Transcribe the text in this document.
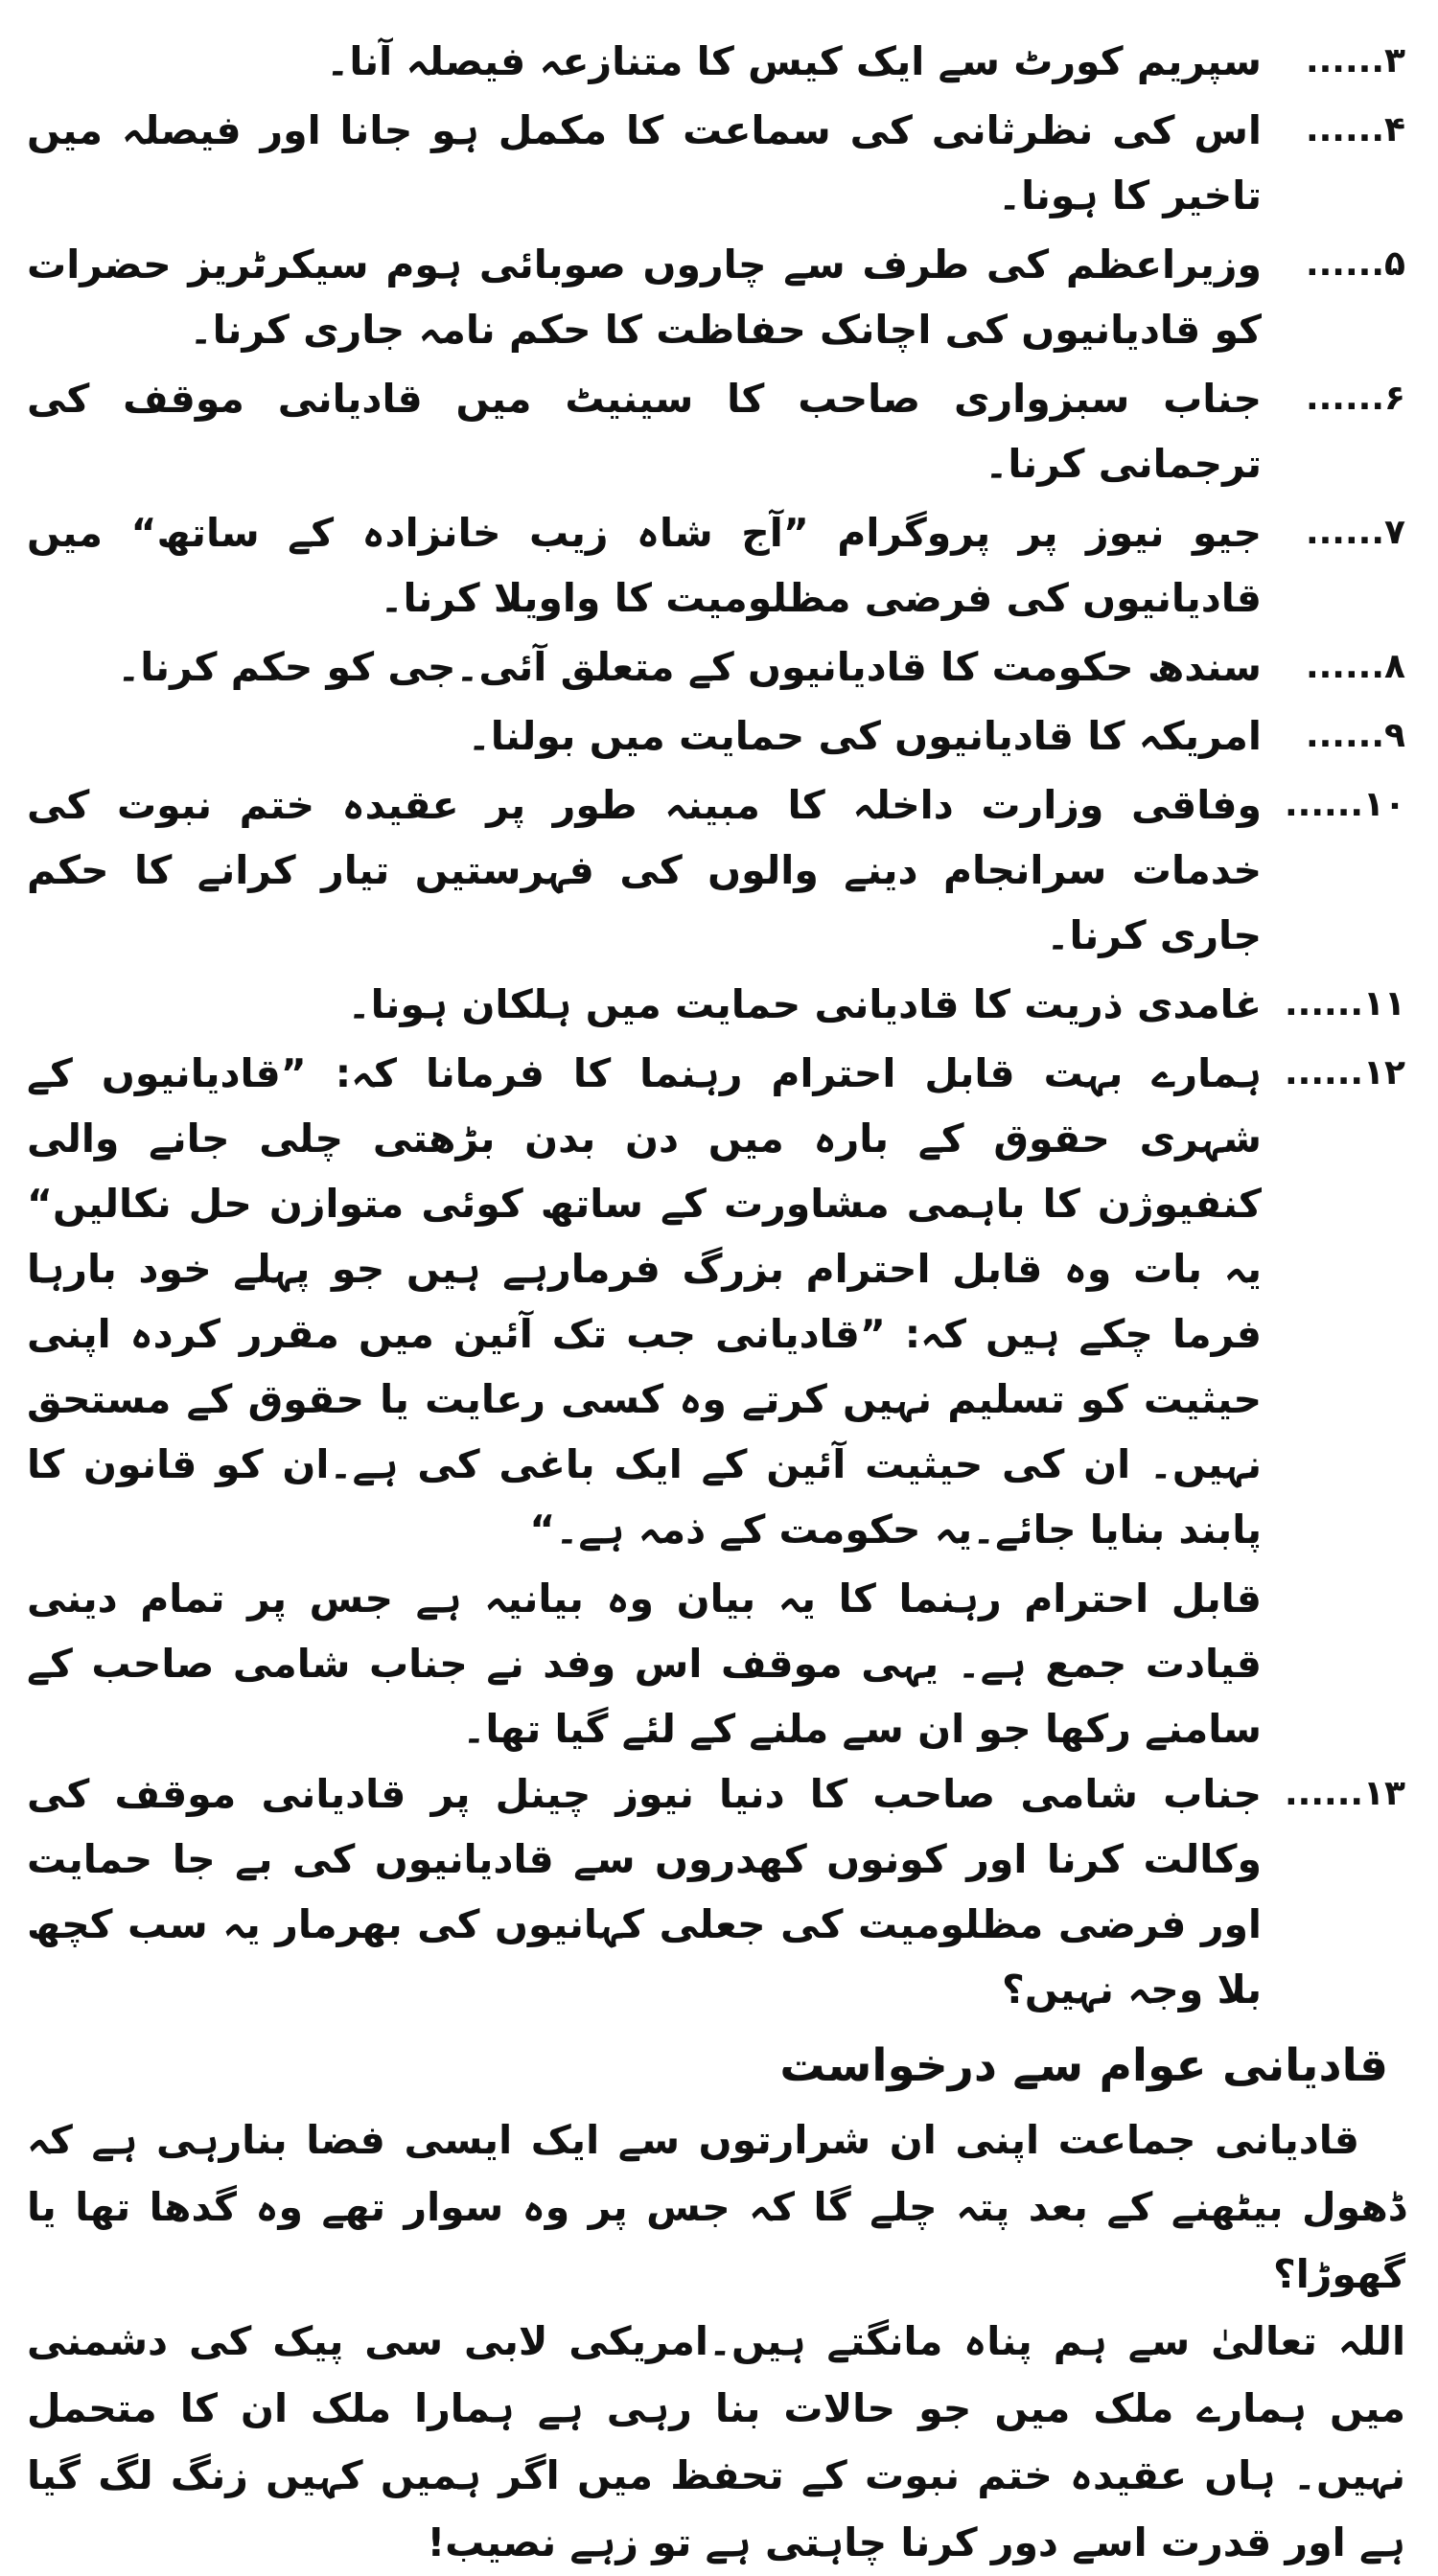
۳......
سپریم کورٹ سے ایک کیس کا متنازعہ فیصلہ آنا۔
۴......
اس کی نظرثانی کی سماعت کا مکمل ہو جانا اور فیصلہ میں تاخیر کا ہونا۔
۵......
وزیراعظم کی طرف سے چاروں صوبائی ہوم سیکرٹریز حضرات کو قادیانیوں کی اچانک حفاظت کا حکم نامہ جاری کرنا۔
۶......
جناب سبزواری صاحب کا سینیٹ میں قادیانی موقف کی ترجمانی کرنا۔
۷......
جیو نیوز پر پروگرام ”آج شاہ زیب خانزادہ کے ساتھ“ میں قادیانیوں کی فرضی مظلومیت کا واویلا کرنا۔
۸......
سندھ حکومت کا قادیانیوں کے متعلق آئی۔جی کو حکم کرنا۔
۹......
امریکہ کا قادیانیوں کی حمایت میں بولنا۔
۱۰......
وفاقی وزارت داخلہ کا مبینہ طور پر عقیدہ ختم نبوت کی خدمات سرانجام دینے والوں کی فہرستیں تیار کرانے کا حکم جاری کرنا۔
۱۱......
غامدی ذریت کا قادیانی حمایت میں ہلکان ہونا۔
۱۲......
ہمارے بہت قابل احترام رہنما کا فرمانا کہ: ”قادیانیوں کے شہری حقوق کے بارہ میں دن بدن بڑھتی چلی جانے والی کنفیوژن کا باہمی مشاورت کے ساتھ کوئی متوازن حل نکالیں“ یہ بات وہ قابل احترام بزرگ فرمارہے ہیں جو پہلے خود بارہا فرما چکے ہیں کہ: ”قادیانی جب تک آئین میں مقرر کردہ اپنی حیثیت کو تسلیم نہیں کرتے وہ کسی رعایت یا حقوق کے مستحق نہیں۔ ان کی حیثیت آئین کے ایک باغی کی ہے۔ان کو قانون کا پابند بنایا جائے۔یہ حکومت کے ذمہ ہے۔“
قابل احترام رہنما کا یہ بیان وہ بیانیہ ہے جس پر تمام دینی قیادت جمع ہے۔ یہی موقف اس وفد نے جناب شامی صاحب کے سامنے رکھا جو ان سے ملنے کے لئے گیا تھا۔
۱۳......
جناب شامی صاحب کا دنیا نیوز چینل پر قادیانی موقف کی وکالت کرنا اور کونوں کھدروں سے قادیانیوں کی بے جا حمایت اور فرضی مظلومیت کی جعلی کہانیوں کی بھرمار یہ سب کچھ بلا وجہ نہیں؟
قادیانی عوام سے درخواست

قادیانی جماعت اپنی ان شرارتوں سے ایک ایسی فضا بنارہی ہے کہ ڈھول بیٹھنے کے بعد پتہ چلے گا کہ جس پر وہ سوار تھے وہ گدھا تھا یا گھوڑا؟

اللہ تعالیٰ سے ہم پناہ مانگتے ہیں۔امریکی لابی سی پیک کی دشمنی میں ہمارے ملک میں جو حالات بنا رہی ہے ہمارا ملک ان کا متحمل نہیں۔ ہاں عقیدہ ختم نبوت کے تحفظ میں اگر ہمیں کہیں زنگ لگ گیا ہے اور قدرت اسے دور کرنا چاہتی ہے تو زہے نصیب!
